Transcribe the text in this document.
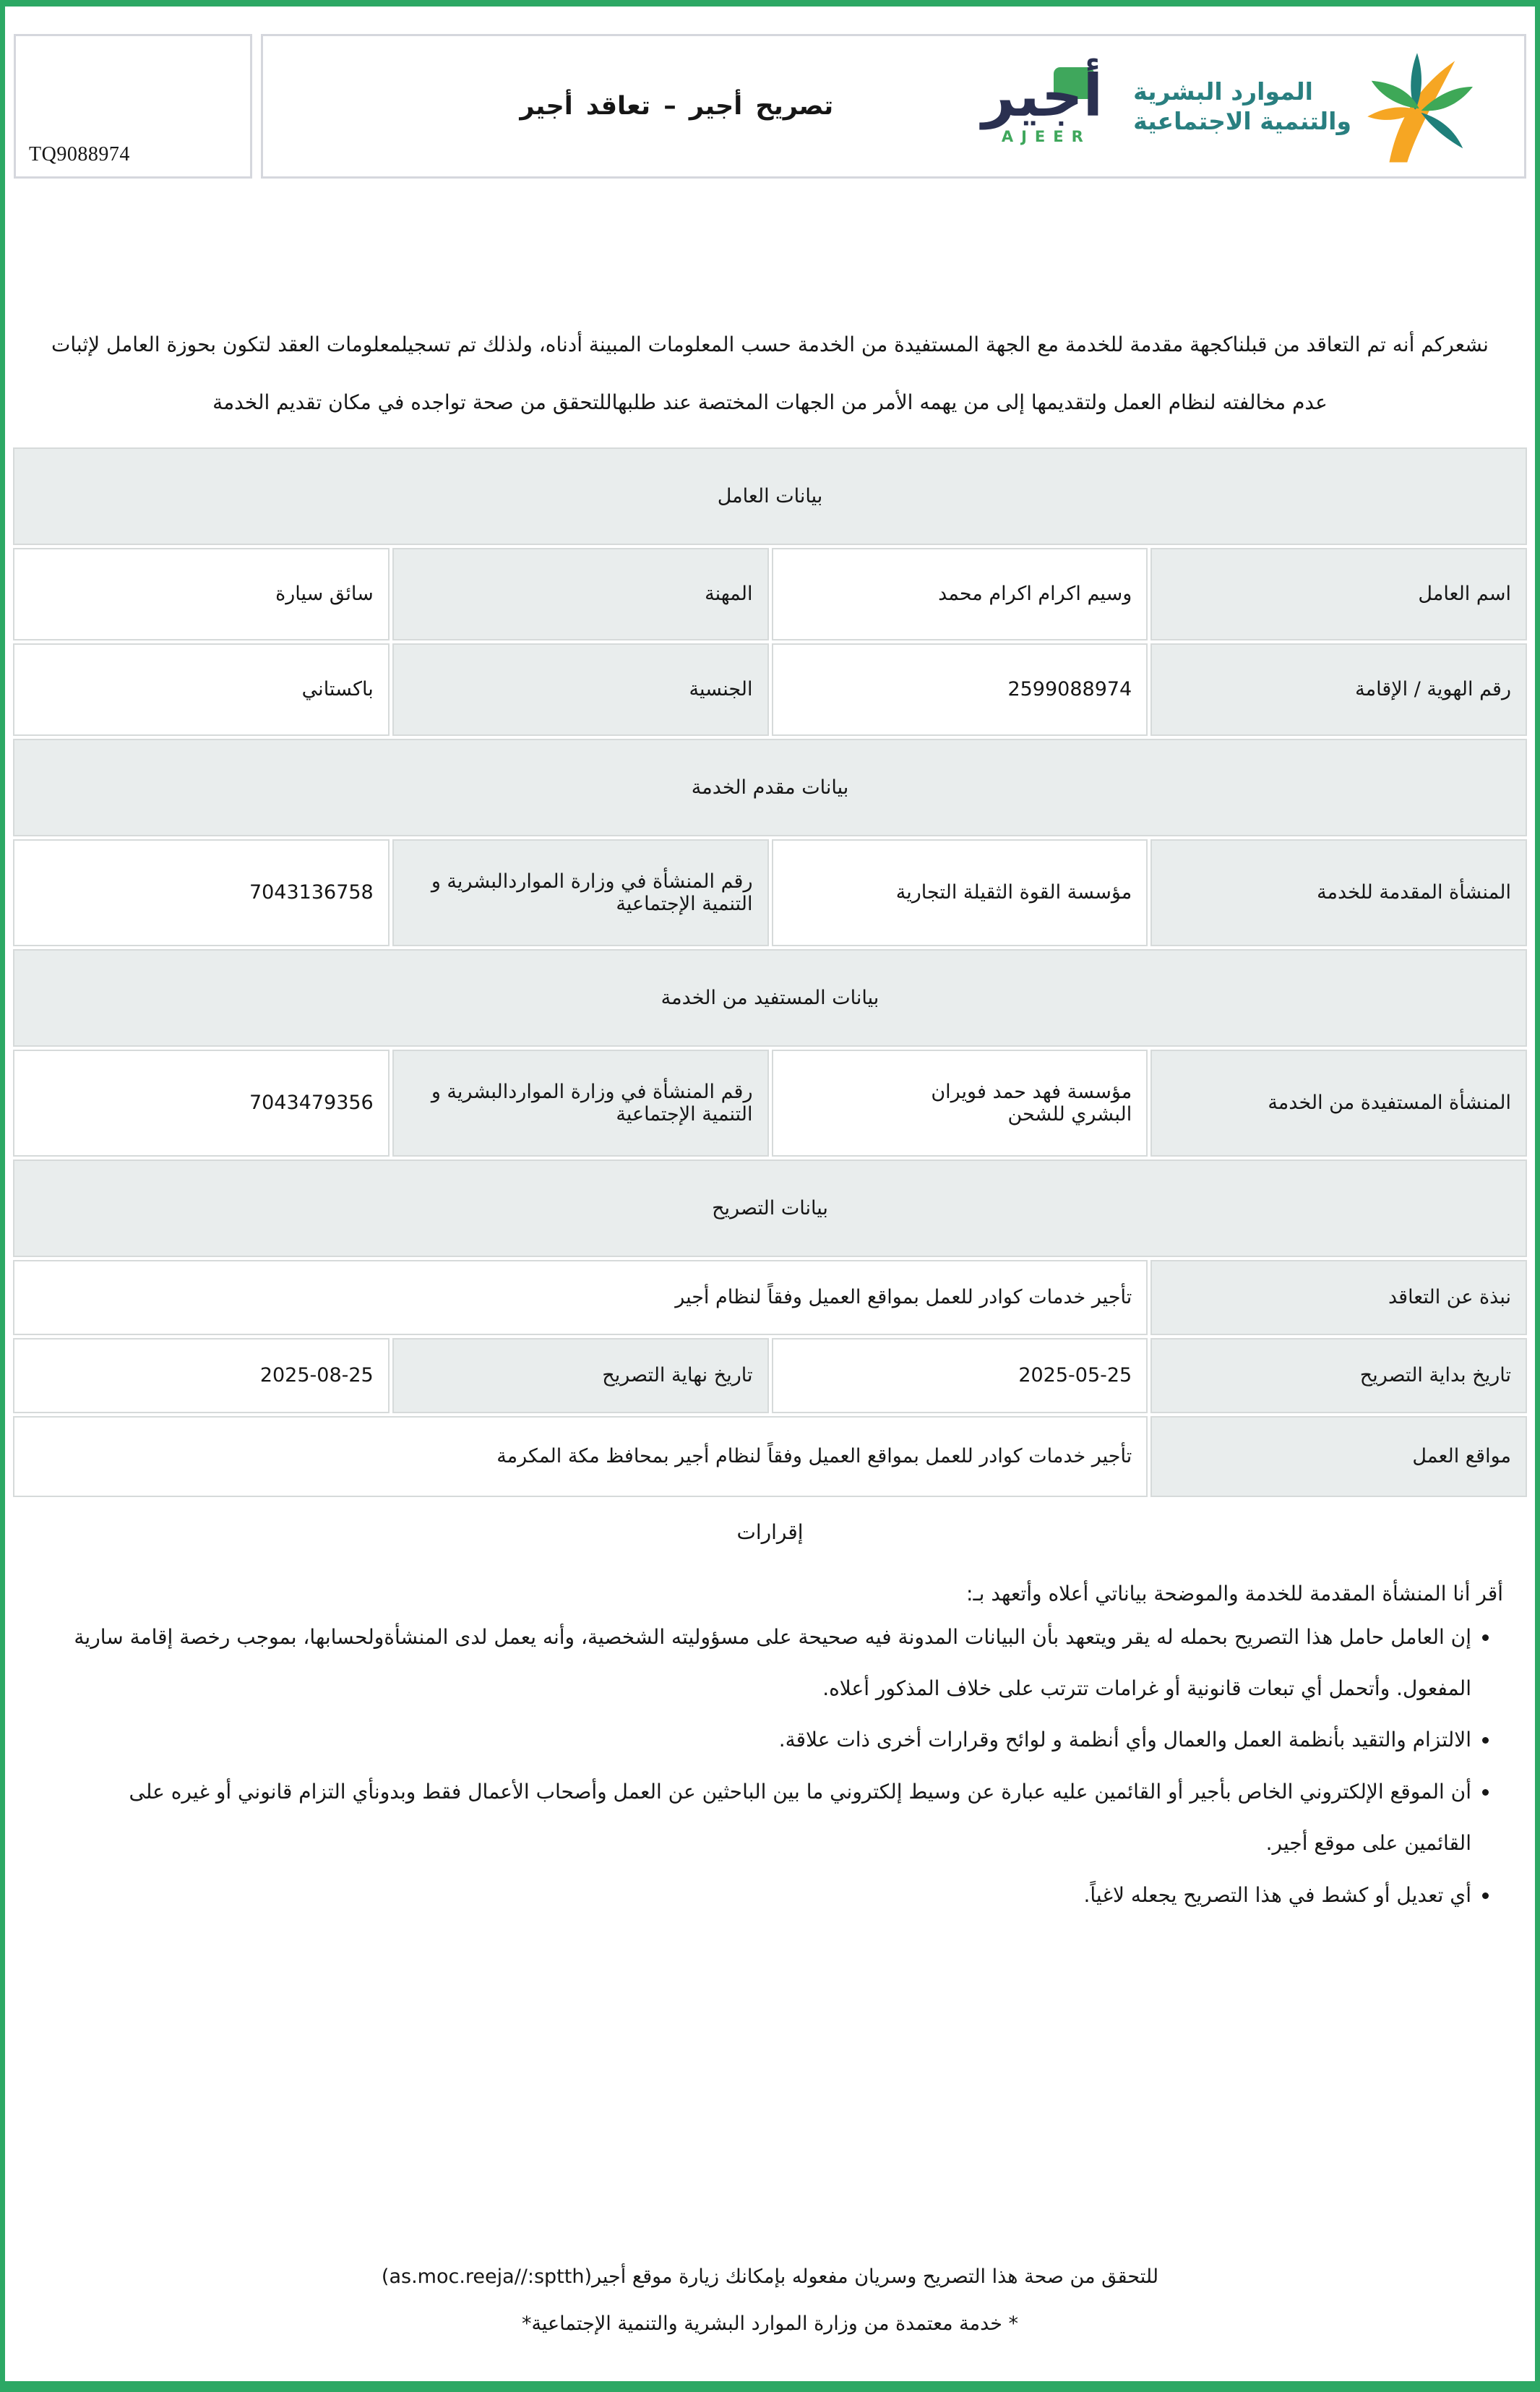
TQ9088974
الموارد البشرية
والتنمية الاجتماعية
أجير
AJEER
تصريح أجير – تعاقد أجير

نشعركم أنه تم التعاقد من قبلناكجهة مقدمة للخدمة مع الجهة المستفيدة من الخدمة حسب المعلومات المبينة أدناه، ولذلك تم تسجيلمعلومات العقد لتكون بحوزة العامل لإثبات عدم مخالفته لنظام العمل ولتقديمها إلى من يهمه الأمر من الجهات المختصة عند طلبهاللتحقق من صحة تواجده في مكان تقديم الخدمة

بيانات العامل			
اسم العامل	وسيم اكرام اكرام محمد	المهنة	سائق سيارة
رقم الهوية / الإقامة	2599088974	الجنسية	باكستاني
بيانات مقدم الخدمة			
المنشأة المقدمة للخدمة	مؤسسة القوة الثقيلة التجارية	رقم المنشأة في وزارة المواردالبشرية و التنمية الإجتماعية	7043136758
بيانات المستفيد من الخدمة			
المنشأة المستفيدة من الخدمة	مؤسسة فهد حمد فويران البشري للشحن	رقم المنشأة في وزارة المواردالبشرية و التنمية الإجتماعية	7043479356
بيانات التصريح			
نبذة عن التعاقد	تأجير خدمات كوادر للعمل بمواقع العميل وفقاً لنظام أجير		
تاريخ بداية التصريح	2025-05-25	تاريخ نهاية التصريح	2025-08-25
مواقع العمل	تأجير خدمات كوادر للعمل بمواقع العميل وفقاً لنظام أجير بمحافظ مكة المكرمة		
إقرارات

أقر أنا المنشأة المقدمة للخدمة والموضحة بياناتي أعلاه وأتعهد بـ:

• إن العامل حامل هذا التصريح بحمله له يقر ويتعهد بأن البيانات المدونة فيه صحيحة على مسؤوليته الشخصية، وأنه يعمل لدى المنشأةولحسابها، بموجب رخصة إقامة سارية المفعول. وأتحمل أي تبعات قانونية أو غرامات تترتب على خلاف المذكور أعلاه.
• الالتزام والتقيد بأنظمة العمل والعمال وأي أنظمة و لوائح وقرارات أخرى ذات علاقة.
• أن الموقع الإلكتروني الخاص بأجير أو القائمين عليه عبارة عن وسيط إلكتروني ما بين الباحثين عن العمل وأصحاب الأعمال فقط وبدونأي التزام قانوني أو غيره على القائمين على موقع أجير.
• أي تعديل أو كشط في هذا التصريح يجعله لاغياً.

للتحقق من صحة هذا التصريح وسريان مفعوله بإمكانك زيارة موقع أجير(as.moc.reeja//:sptth)

* خدمة معتمدة من وزارة الموارد البشرية والتنمية الإجتماعية*
